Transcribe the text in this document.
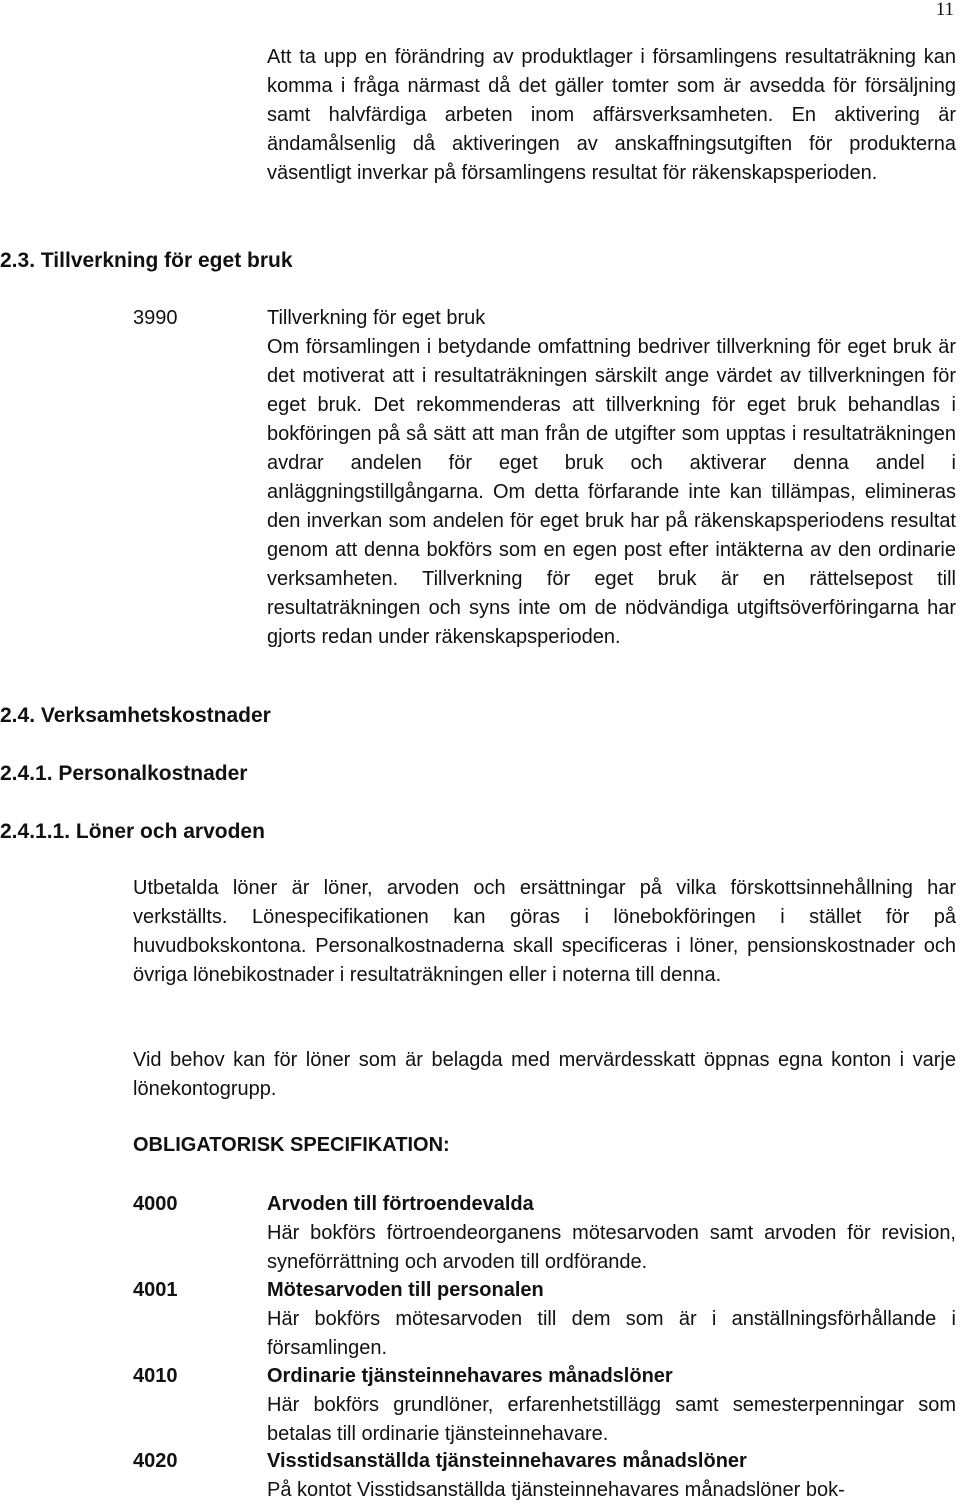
11

Att ta upp en förändring av produktlager i församlingens resultaträkning kan komma i fråga närmast då det gäller tomter som är avsedda för försäljning samt halvfärdiga arbeten inom affärsverksamheten. En aktivering är ändamålsenlig då aktiveringen av anskaffningsutgiften för produkterna väsentligt inverkar på församlingens resultat för räkenskapsperioden.

2.3. Tillverkning för eget bruk
3990	Tillverkning för eget bruk

Om församlingen i betydande omfattning bedriver tillverkning för eget bruk är det motiverat att i resultaträkningen särskilt ange värdet av tillverkningen för eget bruk. Det rekommenderas att tillverkning för eget bruk behandlas i bokföringen på så sätt att man från de utgifter som upptas i resultaträkningen avdrar andelen för eget bruk och aktiverar denna andel i anläggningstillgångarna. Om detta förfarande inte kan tillämpas, elimineras den inverkan som andelen för eget bruk har på räkenskapsperiodens resultat genom att denna bokförs som en egen post efter intäkterna av den ordinarie verksamheten. Tillverkning för eget bruk är en rättelsepost till resultaträkningen och syns inte om de nödvändiga utgiftsöverföringarna har gjorts redan under räkenskapsperioden.

2.4. Verksamhetskostnader
2.4.1. Personalkostnader
2.4.1.1. Löner och arvoden

Utbetalda löner är löner, arvoden och ersättningar på vilka förskottsinnehållning har verkställts. Lönespecifikationen kan göras i lönebokföringen i stället för på huvudbokskontona. Personalkostnaderna skall specificeras i löner, pensionskostnader och övriga lönebikostnader i resultaträkningen eller i noterna till denna.

Vid behov kan för löner som är belagda med mervärdesskatt öppnas egna konton i varje lönekontogrupp.

OBLIGATORISK SPECIFIKATION:
4000	Arvoden till förtroendevalda

Här bokförs förtroendeorganens mötesarvoden samt arvoden för revision, syneförrättning och arvoden till ordförande.

4001	Mötesarvoden till personalen

Här bokförs mötesarvoden till dem som är i anställningsförhållande i församlingen.

4010	Ordinarie tjänsteinnehavares månadslöner

Här bokförs grundlöner, erfarenhetstillägg samt semesterpenningar som betalas till ordinarie tjänsteinnehavare.

4020	Visstidsanställda tjänsteinnehavares månadslöner

På kontot Visstidsanställda tjänsteinnehavares månadslöner bok-
